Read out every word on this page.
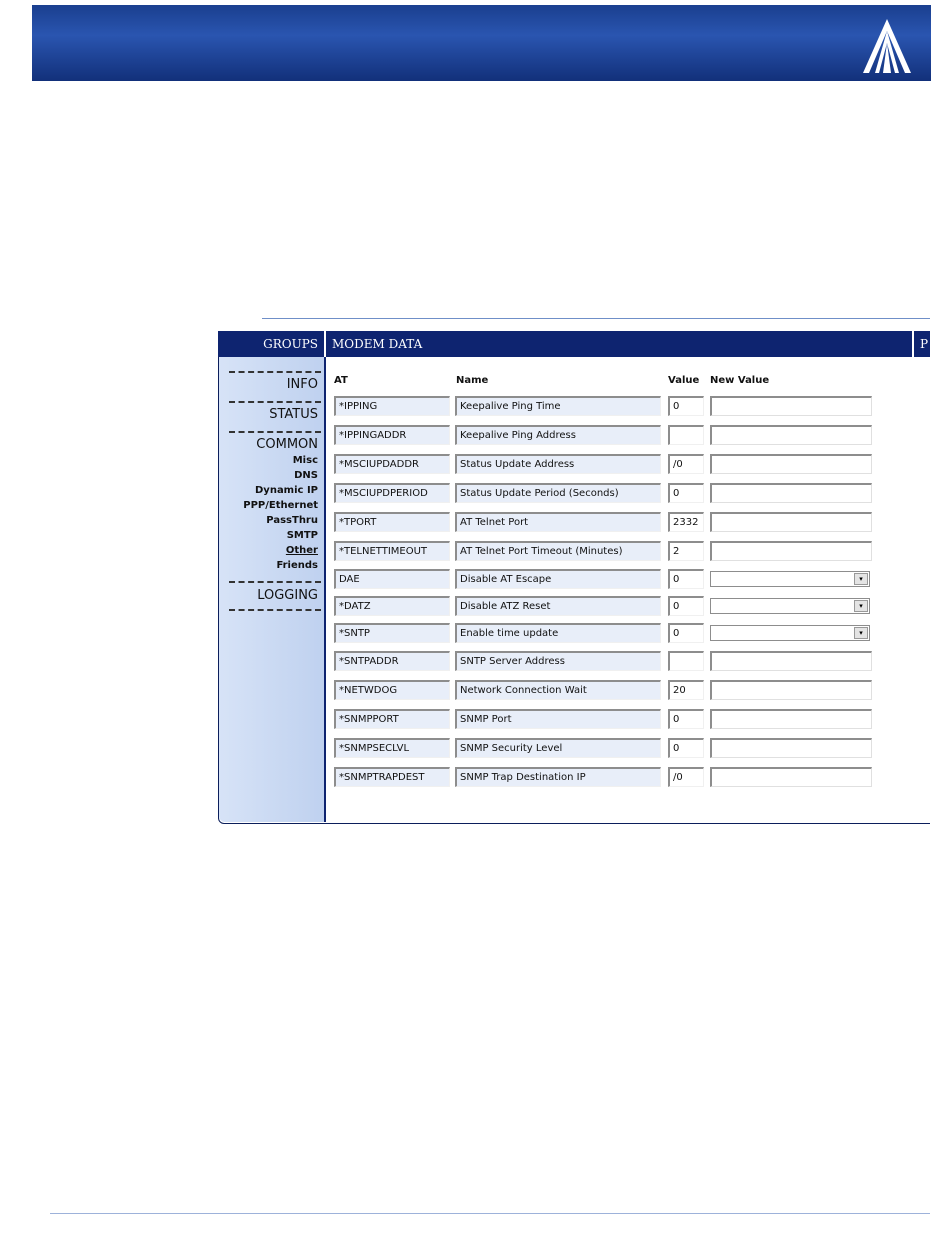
GROUPS	MODEM DATA	P
INFO
STATUS
COMMON
Misc
DNS
Dynamic IP
PPP/Ethernet
PassThru
SMTP
Other
Friends
LOGGING
AT	Name	Value New Value
*IPPING	Keepalive Ping Time	0
*IPPINGADDR	Keepalive Ping Address
*MSCIUPDADDR	Status Update Address	/0
*MSCIUPDPERIOD	Status Update Period (Seconds)	0
*TPORT	AT Telnet Port	2332
*TELNETTIMEOUT	AT Telnet Port Timeout (Minutes)	2
DAE	Disable AT Escape	0	▾
*DATZ	Disable ATZ Reset	0	▾
*SNTP	Enable time update	0	▾
*SNTPADDR	SNTP Server Address
*NETWDOG	Network Connection Wait	20
*SNMPPORT	SNMP Port	0
*SNMPSECLVL	SNMP Security Level	0
*SNMPTRAPDEST	SNMP Trap Destination IP	/0
